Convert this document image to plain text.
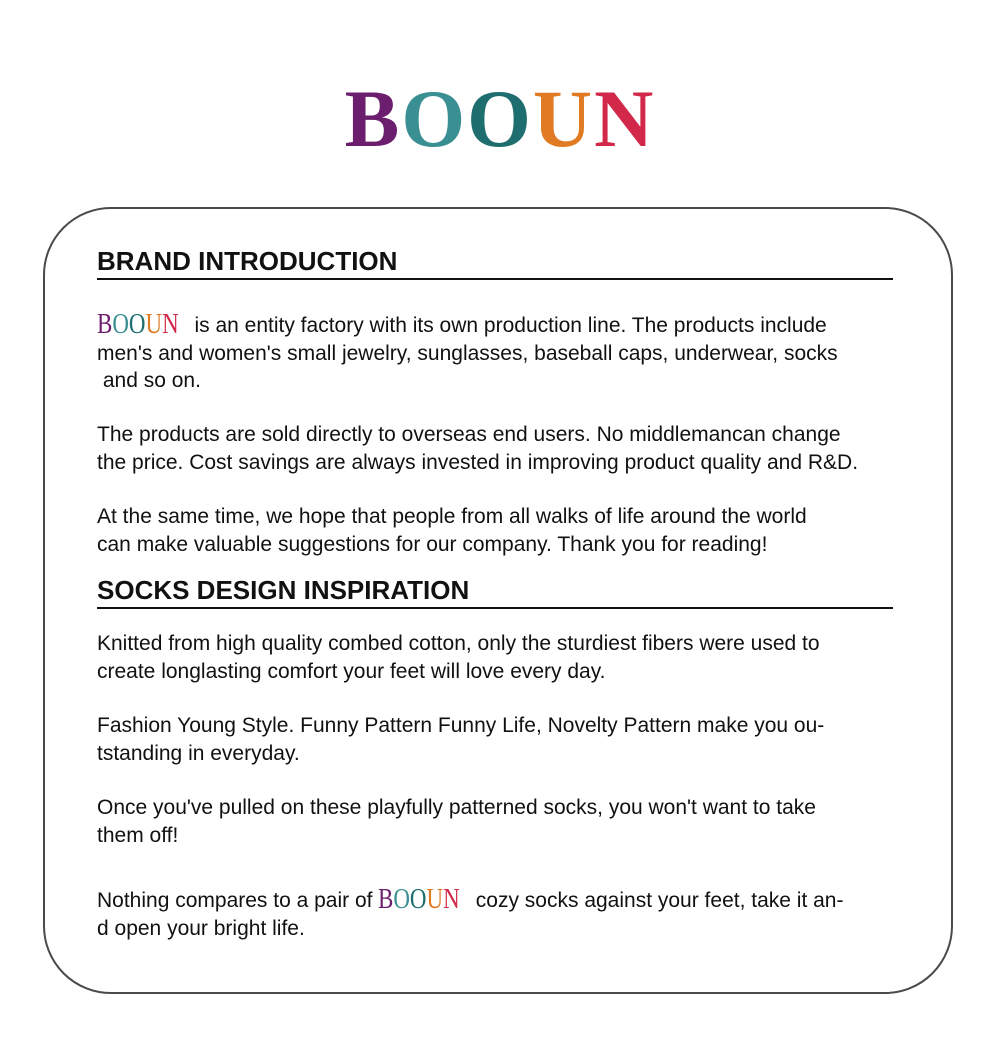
BOOUN
BRAND INTRODUCTION

BOOUN is an entity factory with its own production line. The products include
men's and women's small jewelry, sunglasses, baseball caps, underwear, socks
and so on.

The products are sold directly to overseas end users. No middlemancan change
the price. Cost savings are always invested in improving product quality and R&D.

At the same time, we hope that people from all walks of life around the world
can make valuable suggestions for our company. Thank you for reading!

SOCKS DESIGN INSPIRATION

Knitted from high quality combed cotton, only the sturdiest fibers were used to
create longlasting comfort your feet will love every day.

Fashion Young Style. Funny Pattern Funny Life, Novelty Pattern make you ou-
tstanding in everyday.

Once you've pulled on these playfully patterned socks, you won't want to take
them off!

Nothing compares to a pair of BOOUN cozy socks against your feet, take it an-
d open your bright life.
